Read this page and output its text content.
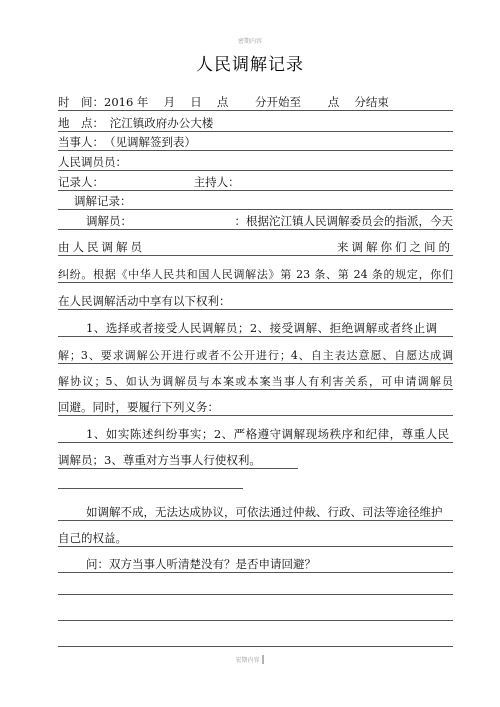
密期内容
人民调解记录
时　间：2016 年　 月　 日　 点　　 分开始至　　 点　 分结束
地　点：　沱江镇政府办公大楼
当事人：　（见调解签到表）
人民调员员：
记录人：	主持人：
调解记录：
调解员：	：根据沱江镇人民调解委员会的指派，今天
由人民调解员	来调解你们之间的
纠纷。根据《中华人民共和国人民调解法》第 23 条、第 24 条的规定，你们
在人民调解活动中享有以下权利：
1、选择或者接受人民调解员；2、接受调解、拒绝调解或者终止调
解；3、要求调解公开进行或者不公开进行；4、自主表达意愿、自愿达成调
解协议；5、如认为调解员与本案或本案当事人有利害关系，可申请调解员
回避。同时，要履行下列义务：
1、如实陈述纠纷事实；2、严格遵守调解现场秩序和纪律，尊重人民
调解员；3、尊重对方当事人行使权利。
如调解不成，无法达成协议，可依法通过仲裁、行政、司法等途径维护
自己的权益。
问：双方当事人听清楚没有？是否申请回避？
宏期内容 |
